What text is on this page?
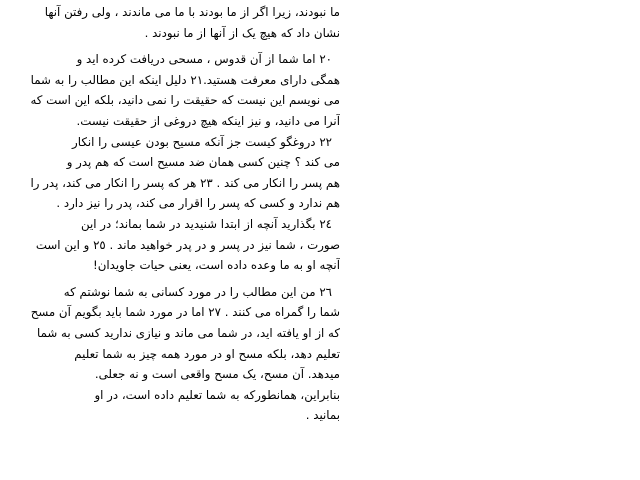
ما نبودند، زیرا اگر از ما بودند با ما می ماندند ، ولی رفتن آنها
نشان داد که هیچ یک از آنها از ما نبودند .
٢٠ اما شما از آن قدوس ، مسحی دریافت کرده اید و
همگی دارای معرفت هستید.٢١ دلیل اینکه این مطالب را به شما
می نویسم این نیست که حقیقت را نمی دانید، بلکه این است که
آنرا می دانید، و نیز اینکه هیچ دروغی از حقیقت نیست.
٢٢ دروغگو کیست جز آنکه مسیح بودن عیسی را انکار
می کند ؟ چنین کسی همان ضد مسیح است که هم پدر و
هم پسر را انکار می کند . ٢٣ هر که پسر را انکار می کند، پدر را
هم ندارد و کسی که پسر را اقرار می کند، پدر را نیز دارد .
٢٤ بگذارید آنچه از ابتدا شنیدید در شما بماند؛ در این
صورت ، شما نیز در پسر و در پدر خواهید ماند . ٢٥ و این است
آنچه او به ما وعده داده است، یعنی حیات جاویدان!
٢٦ من این مطالب را در مورد کسانی به شما نوشتم که
شما را گمراه می کنند . ٢٧ اما در مورد شما باید بگویم آن مسح
که از او یافته اید، در شما می ماند و نیازی ندارید کسی به شما
تعلیم دهد، بلکه مسح او در مورد همه چیز به شما تعلیم
میدهد. آن مسح، یک مسح واقعی است و نه جعلی.
بنابراین، همانطورکه به شما تعلیم داده است، در او
بمانید .
